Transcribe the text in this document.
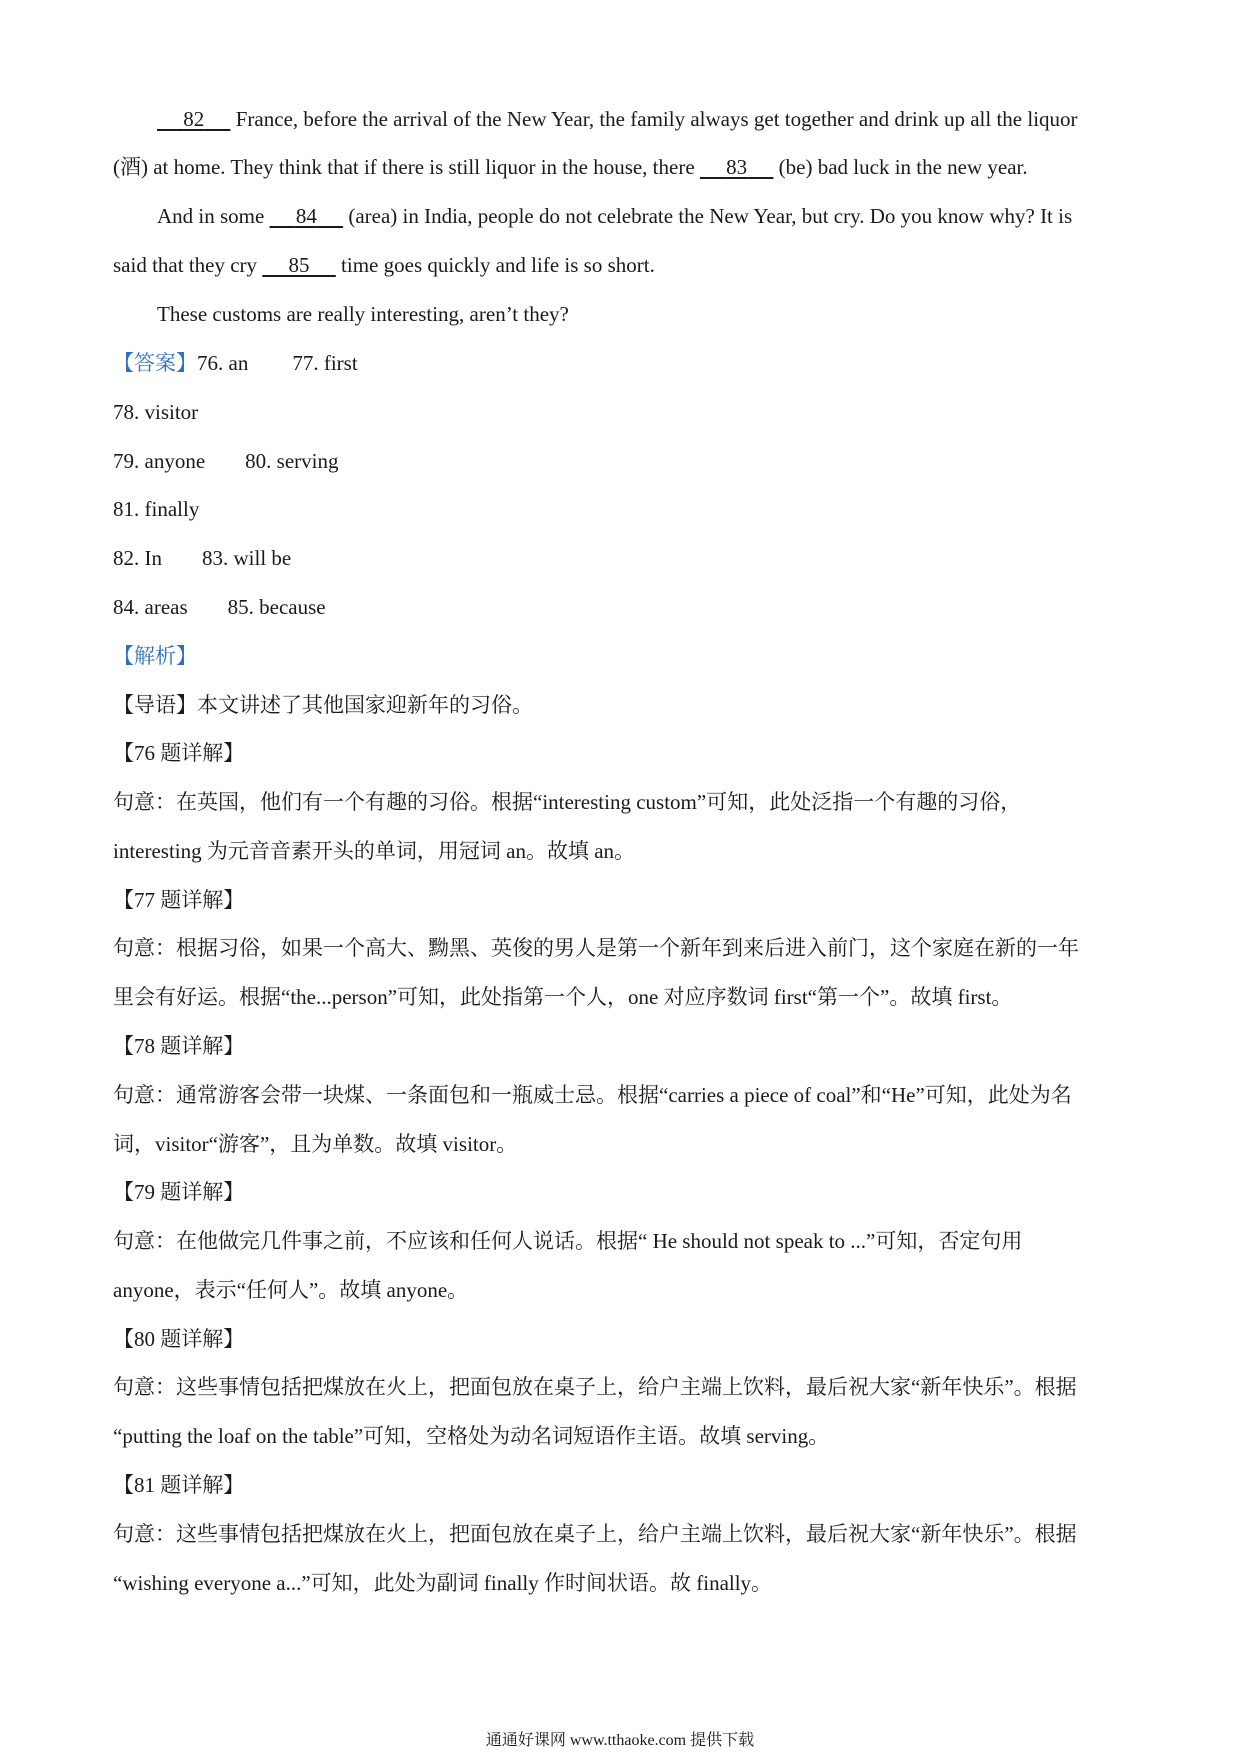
82      France, before the arrival of the New Year, the family always get together and drink up all the liquor
(酒) at home. They think that if there is still liquor in the house, there      83      (be) bad luck in the new year.
And in some      84      (area) in India, people do not celebrate the New Year, but cry. Do you know why? It is
said that they cry      85      time goes quickly and life is so short.
These customs are really interesting, aren’t they?
【答案】76. an 77. first
78. visitor
79. anyone 80. serving
81. finally
82. In 83. will be
84. areas 85. because
【解析】
【导语】本文讲述了其他国家迎新年的习俗。
【76 题详解】
句意：在英国，他们有一个有趣的习俗。根据“interesting custom”可知，此处泛指一个有趣的习俗，
interesting 为元音音素开头的单词，用冠词 an。故填 an。
【77 题详解】
句意：根据习俗，如果一个高大、黝黑、英俊的男人是第一个新年到来后进入前门，这个家庭在新的一年
里会有好运。根据“the...person”可知，此处指第一个人，one 对应序数词 first“第一个”。故填 first。
【78 题详解】
句意：通常游客会带一块煤、一条面包和一瓶威士忌。根据“carries a piece of coal”和“He”可知，此处为名
词，visitor“游客”，且为单数。故填 visitor。
【79 题详解】
句意：在他做完几件事之前，不应该和任何人说话。根据“ He should not speak to ...”可知，否定句用
anyone，表示“任何人”。故填 anyone。
【80 题详解】
句意：这些事情包括把煤放在火上，把面包放在桌子上，给户主端上饮料，最后祝大家“新年快乐”。根据
“putting the loaf on the table”可知，空格处为动名词短语作主语。故填 serving。
【81 题详解】
句意：这些事情包括把煤放在火上，把面包放在桌子上，给户主端上饮料，最后祝大家“新年快乐”。根据
“wishing everyone a...”可知，此处为副词 finally 作时间状语。故 finally。
通通好课网 www.tthaoke.com 提供下载
